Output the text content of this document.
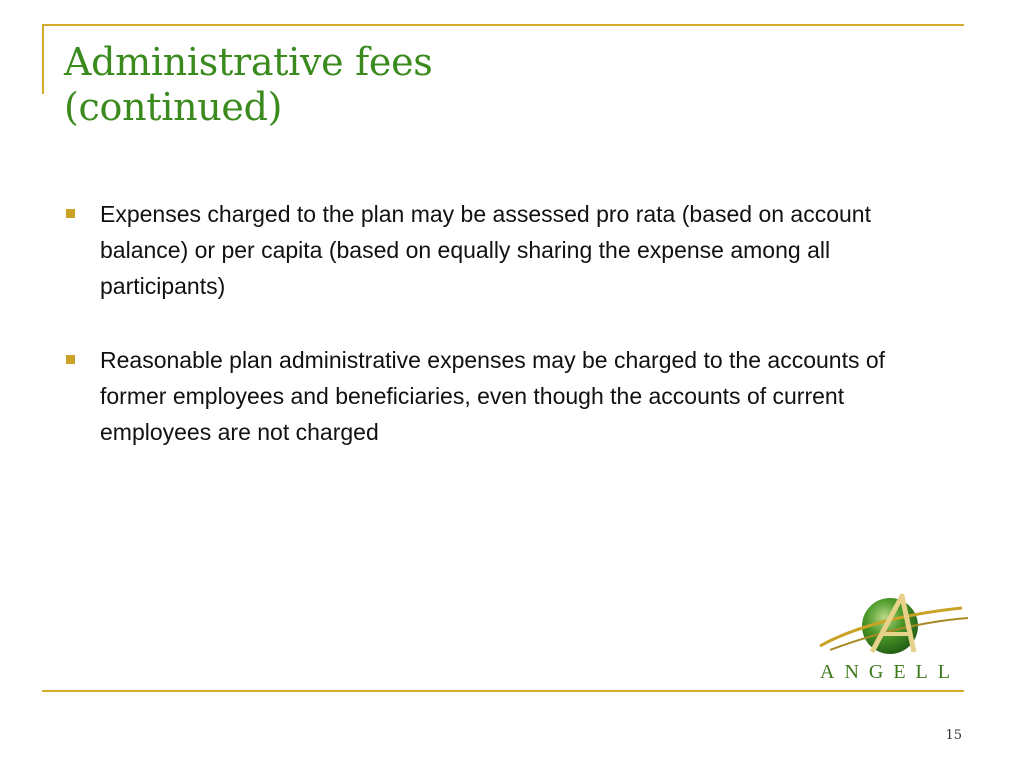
Administrative fees
(continued)
Expenses charged to the plan may be assessed pro rata (based on account balance) or per capita (based on equally sharing the expense among all participants)
Reasonable plan administrative expenses may be charged to the accounts of former employees and beneficiaries, even though the accounts of current employees are not charged
ANGELL
15
